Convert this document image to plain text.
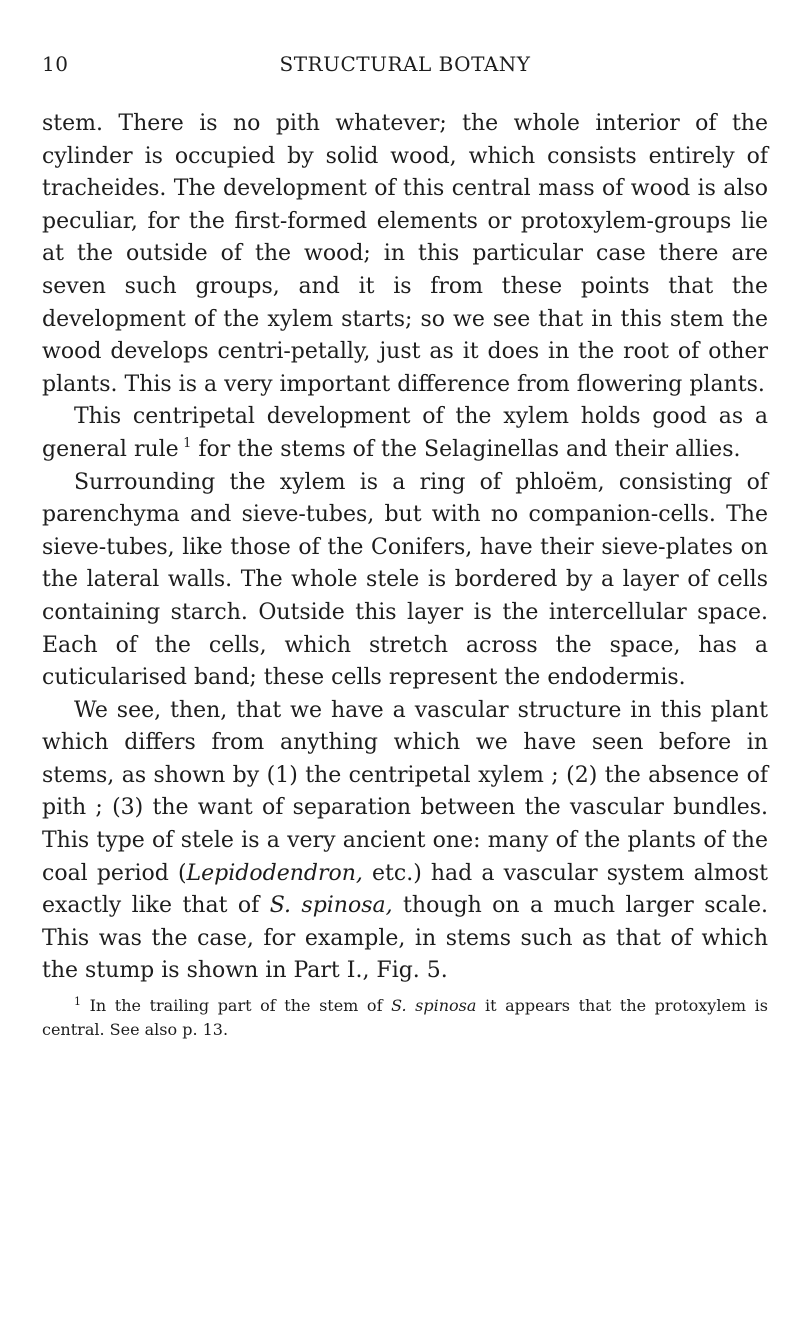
10	STRUCTURAL BOTANY

stem. There is no pith whatever; the whole interior of the cylinder is occupied by solid wood, which consists entirely of tracheides. The development of this central mass of wood is also peculiar, for the first-formed elements or protoxylem-groups lie at the outside of the wood; in this particular case there are seven such groups, and it is from these points that the development of the xylem starts; so we see that in this stem the wood develops centri-petally, just as it does in the root of other plants. This is a very important difference from flowering plants.

This centripetal development of the xylem holds good as a general rule  $^1$ for the stems of the Selaginellas and their allies.

Surrounding the xylem is a ring of phloëm, consisting of parenchyma and sieve-tubes, but with no companion-cells. The sieve-tubes, like those of the Conifers, have their sieve-plates on the lateral walls. The whole stele is bordered by a layer of cells containing starch. Outside this layer is the intercellular space. Each of the cells, which stretch across the space, has a cuticularised band; these cells represent the endodermis.

We see, then, that we have a vascular structure in this plant which differs from anything which we have seen before in stems, as shown by (1) the centripetal xylem ; (2) the absence of pith ; (3) the want of separation between the vascular bundles. This type of stele is a very ancient one: many of the plants of the coal period (Lepidodendron, etc.) had a vascular system almost exactly like that of S. spinosa, though on a much larger scale. This was the case, for example, in stems such as that of which the stump is shown in Part I., Fig. 5.

$^1$ In the trailing part of the stem of S. spinosa it appears that the protoxylem is central. See also p. 13.
